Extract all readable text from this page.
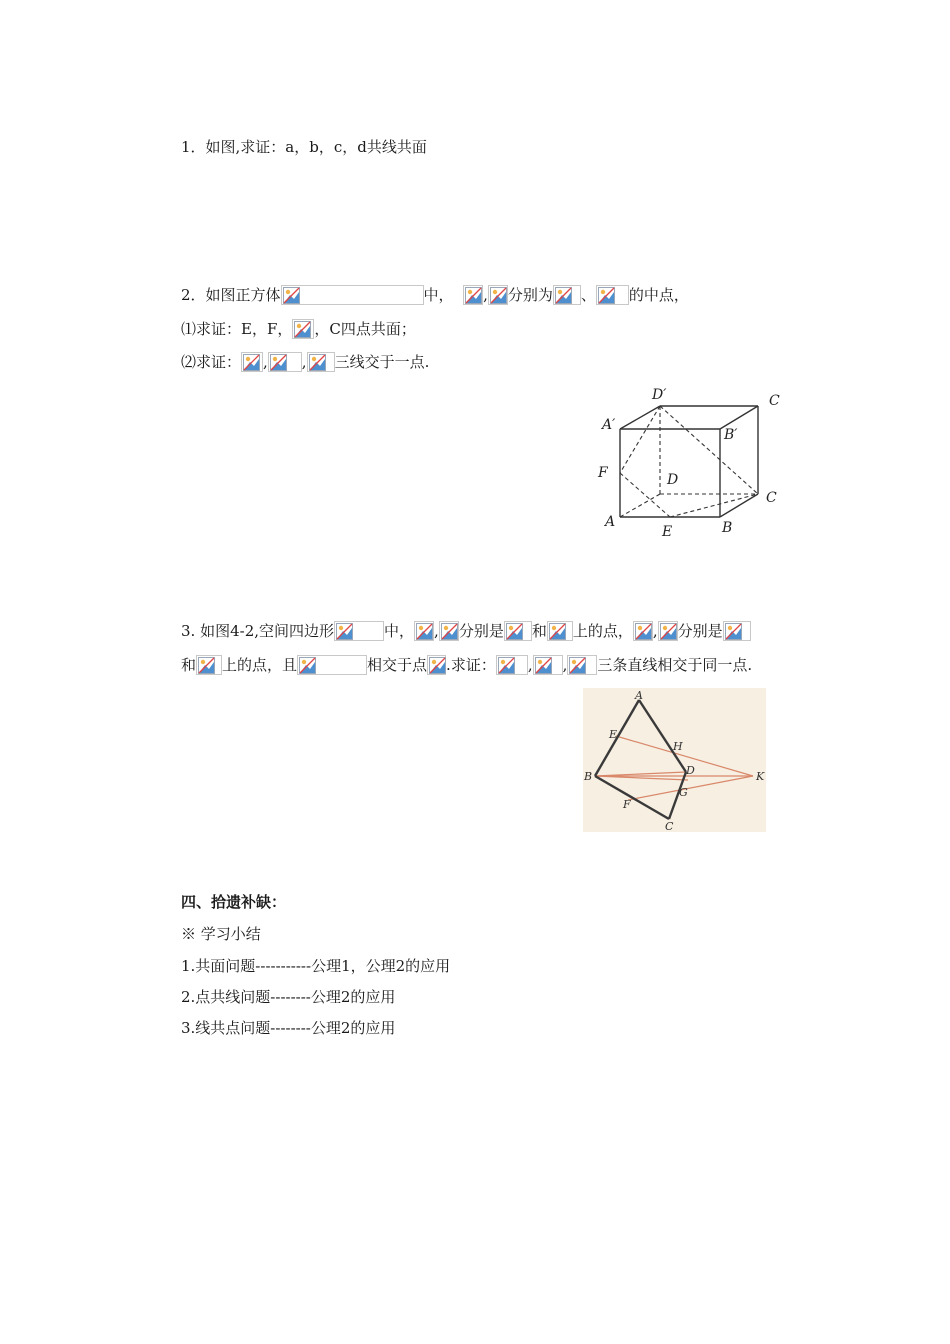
1．如图,求证：a，b，c，d共线共面
2．如图正方体	中， , 分别为 、 的中点，
⑴求证：E，F， ，C四点共面；
⑵求证： , , 三线交于一点.
D′	C
A′
B′
F	D
C
A
E	B
3. 如图4-2,空间四边形	中， , 分别是 和 上的点， , 分别是
和 上的点，且	相交于点 .求证： , , 三条直线相交于同一点.
A
E
H
B	D	K
G
F
C
四、拾遗补缺：
※ 学习小结
1.共面问题-----------公理1，公理2的应用
2.点共线问题--------公理2的应用
3.线共点问题--------公理2的应用
